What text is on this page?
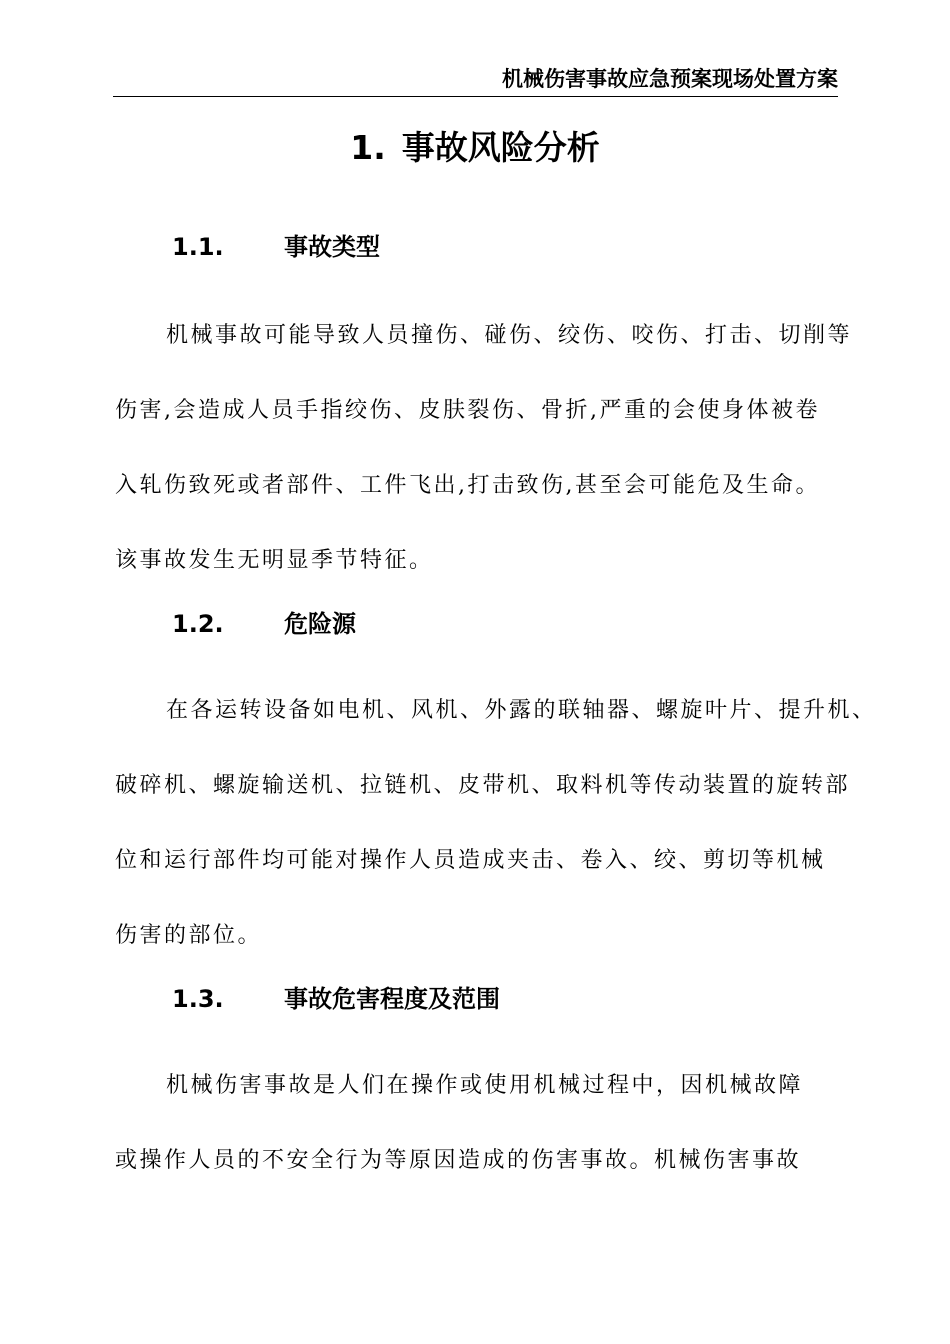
机械伤害事故应急预案现场处置方案
1. 事故风险分析
1.1.	事故类型
机械事故可能导致人员撞伤、碰伤、绞伤、咬伤、打击、切削等
伤害,会造成人员手指绞伤、皮肤裂伤、骨折,严重的会使身体被卷
入轧伤致死或者部件、工件飞出,打击致伤,甚至会可能危及生命。
该事故发生无明显季节特征。
1.2.	危险源
在各运转设备如电机、风机、外露的联轴器、螺旋叶片、提升机、
破碎机、螺旋输送机、拉链机、皮带机、取料机等传动装置的旋转部
位和运行部件均可能对操作人员造成夹击、卷入、绞、剪切等机械
伤害的部位。
1.3.	事故危害程度及范围
机械伤害事故是人们在操作或使用机械过程中，因机械故障
或操作人员的不安全行为等原因造成的伤害事故。机械伤害事故
